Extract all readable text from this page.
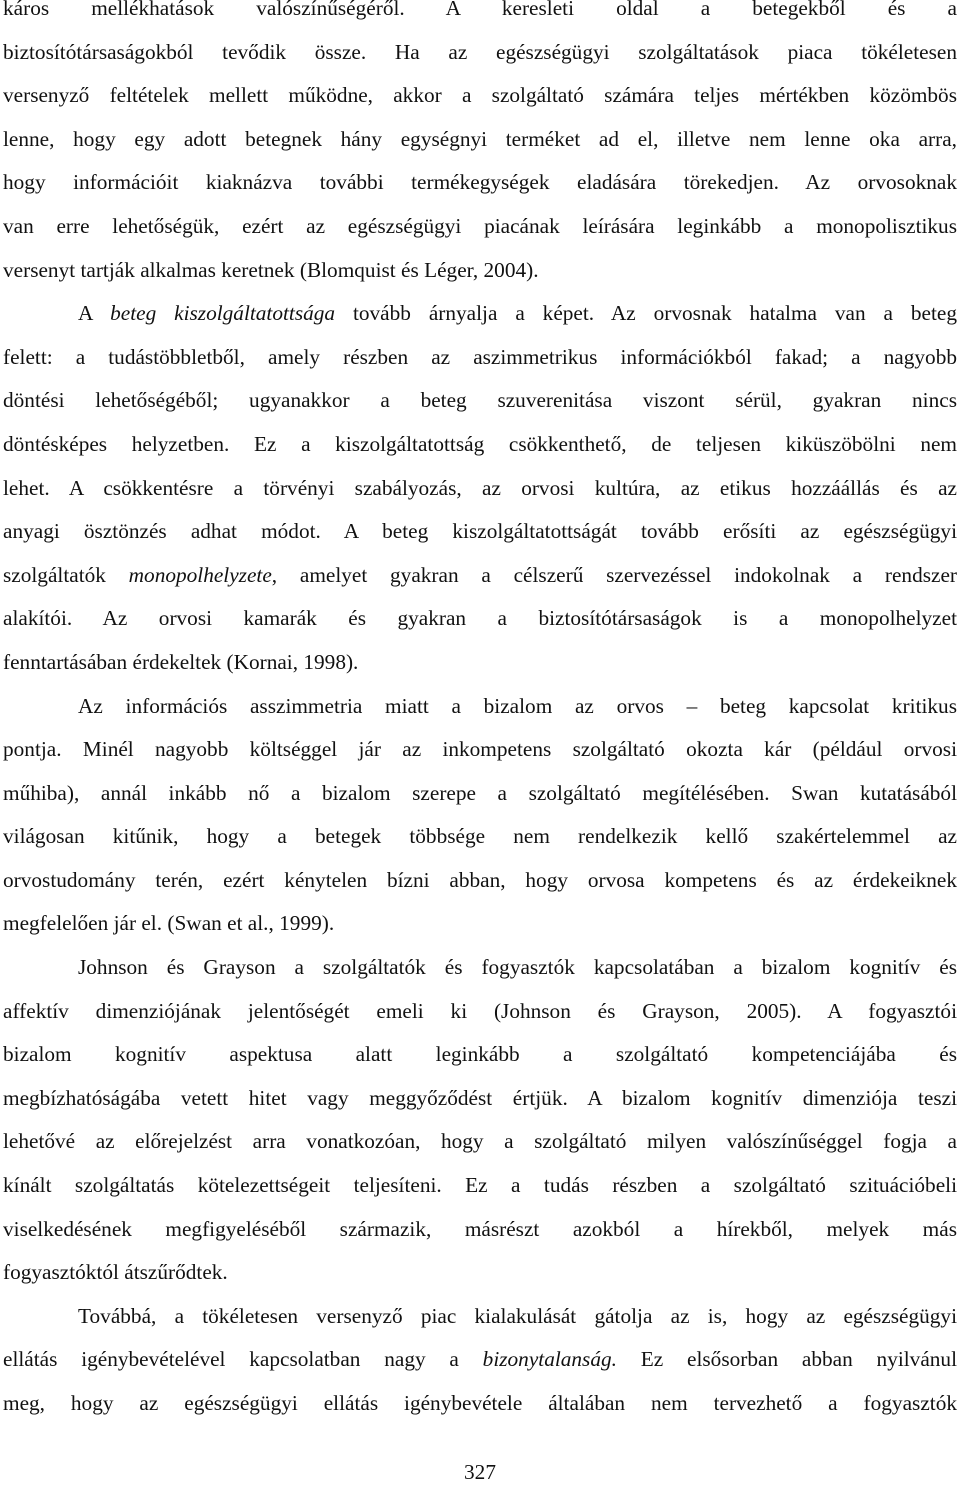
káros mellékhatások valószínűségéről. A keresleti oldal a betegekből és a
biztosítótársaságokból tevődik össze. Ha az egészségügyi szolgáltatások piaca tökéletesen
versenyző feltételek mellett működne, akkor a szolgáltató számára teljes mértékben közömbös
lenne, hogy egy adott betegnek hány egységnyi terméket ad el, illetve nem lenne oka arra,
hogy információit kiaknázva további termékegységek eladására törekedjen. Az orvosoknak
van erre lehetőségük, ezért az egészségügyi piacának leírására leginkább a monopolisztikus
versenyt tartják alkalmas keretnek (Blomquist és Léger, 2004).
A beteg kiszolgáltatottsága tovább árnyalja a képet. Az orvosnak hatalma van a beteg
felett: a tudástöbbletből, amely részben az aszimmetrikus információkból fakad; a nagyobb
döntési lehetőségéből; ugyanakkor a beteg szuverenitása viszont sérül, gyakran nincs
döntésképes helyzetben. Ez a kiszolgáltatottság csökkenthető, de teljesen kiküszöbölni nem
lehet. A csökkentésre a törvényi szabályozás, az orvosi kultúra, az etikus hozzáállás és az
anyagi ösztönzés adhat módot. A beteg kiszolgáltatottságát tovább erősíti az egészségügyi
szolgáltatók monopolhelyzete, amelyet gyakran a célszerű szervezéssel indokolnak a rendszer
alakítói. Az orvosi kamarák és gyakran a biztosítótársaságok is a monopolhelyzet
fenntartásában érdekeltek (Kornai, 1998).
Az információs asszimmetria miatt a bizalom az orvos – beteg kapcsolat kritikus
pontja. Minél nagyobb költséggel jár az inkompetens szolgáltató okozta kár (például orvosi
műhiba), annál inkább nő a bizalom szerepe a szolgáltató megítélésében. Swan kutatásából
világosan kitűnik, hogy a betegek többsége nem rendelkezik kellő szakértelemmel az
orvostudomány terén, ezért kénytelen bízni abban, hogy orvosa kompetens és az érdekeiknek
megfelelően jár el. (Swan et al., 1999).
Johnson és Grayson a szolgáltatók és fogyasztók kapcsolatában a bizalom kognitív és
affektív dimenziójának jelentőségét emeli ki (Johnson és Grayson, 2005). A fogyasztói
bizalom kognitív aspektusa alatt leginkább a szolgáltató kompetenciájába és
megbízhatóságába vetett hitet vagy meggyőződést értjük. A bizalom kognitív dimenziója teszi
lehetővé az előrejelzést arra vonatkozóan, hogy a szolgáltató milyen valószínűséggel fogja a
kínált szolgáltatás kötelezettségeit teljesíteni. Ez a tudás részben a szolgáltató szituációbeli
viselkedésének megfigyeléséből származik, másrészt azokból a hírekből, melyek más
fogyasztóktól átszűrődtek.
Továbbá, a tökéletesen versenyző piac kialakulását gátolja az is, hogy az egészségügyi
ellátás igénybevételével kapcsolatban nagy a bizonytalanság. Ez elsősorban abban nyilvánul
meg, hogy az egészségügyi ellátás igénybevétele általában nem tervezhető a fogyasztók
327
